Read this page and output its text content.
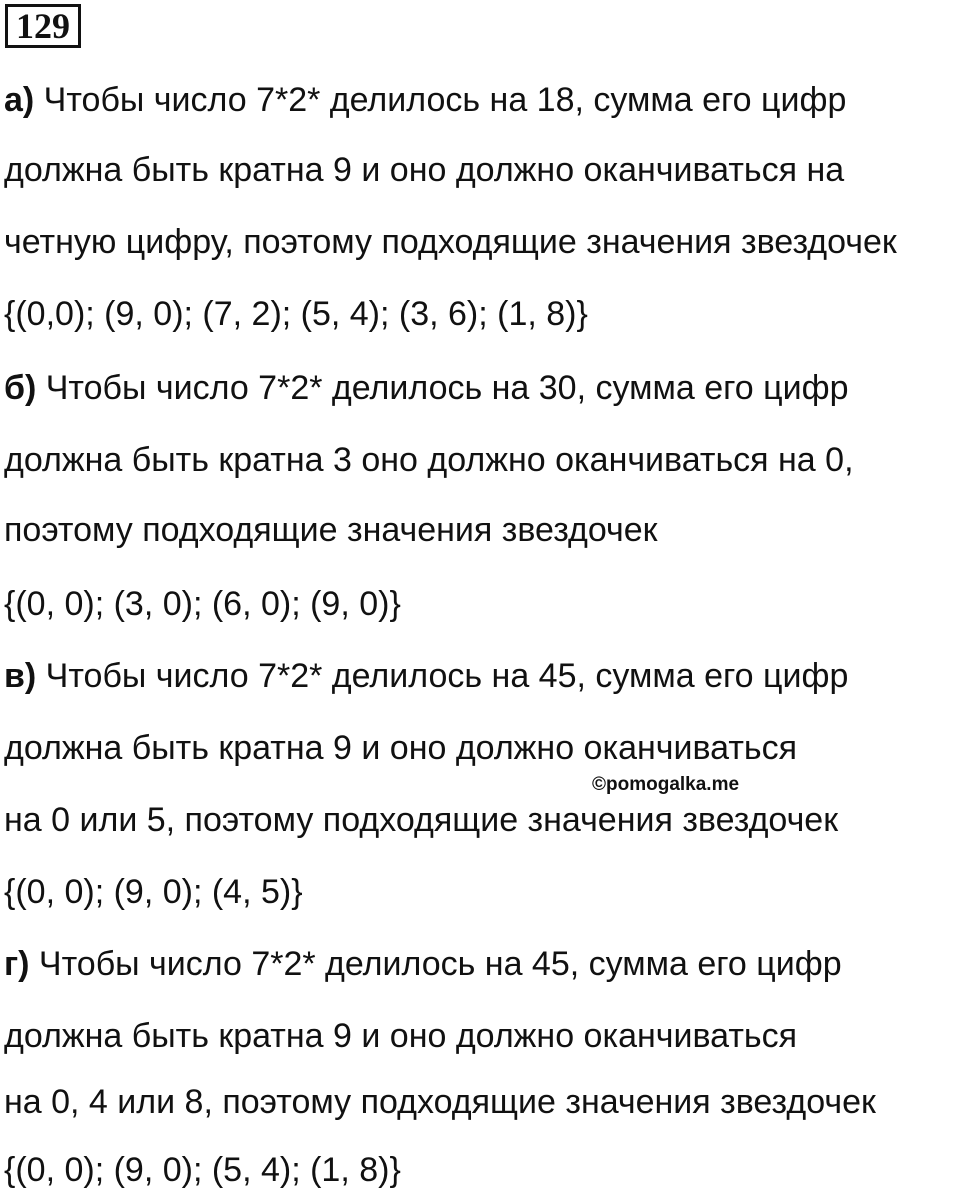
129
а) Чтобы число 7*2* делилось на 18, сумма его цифр
должна быть кратна 9 и оно должно оканчиваться на
четную цифру, поэтому подходящие значения звездочек
{(0,0); (9, 0); (7, 2); (5, 4); (3, 6); (1, 8)}
б) Чтобы число 7*2* делилось на 30, сумма его цифр
должна быть кратна 3 оно должно оканчиваться на 0,
поэтому подходящие значения звездочек
{(0, 0); (3, 0); (6, 0); (9, 0)}
в) Чтобы число 7*2* делилось на 45, сумма его цифр
должна быть кратна 9 и оно должно оканчиваться
©pomogalka.me
на 0 или 5, поэтому подходящие значения звездочек
{(0, 0); (9, 0); (4, 5)}
г) Чтобы число 7*2* делилось на 45, сумма его цифр
должна быть кратна 9 и оно должно оканчиваться
на 0, 4 или 8, поэтому подходящие значения звездочек
{(0, 0); (9, 0); (5, 4); (1, 8)}
